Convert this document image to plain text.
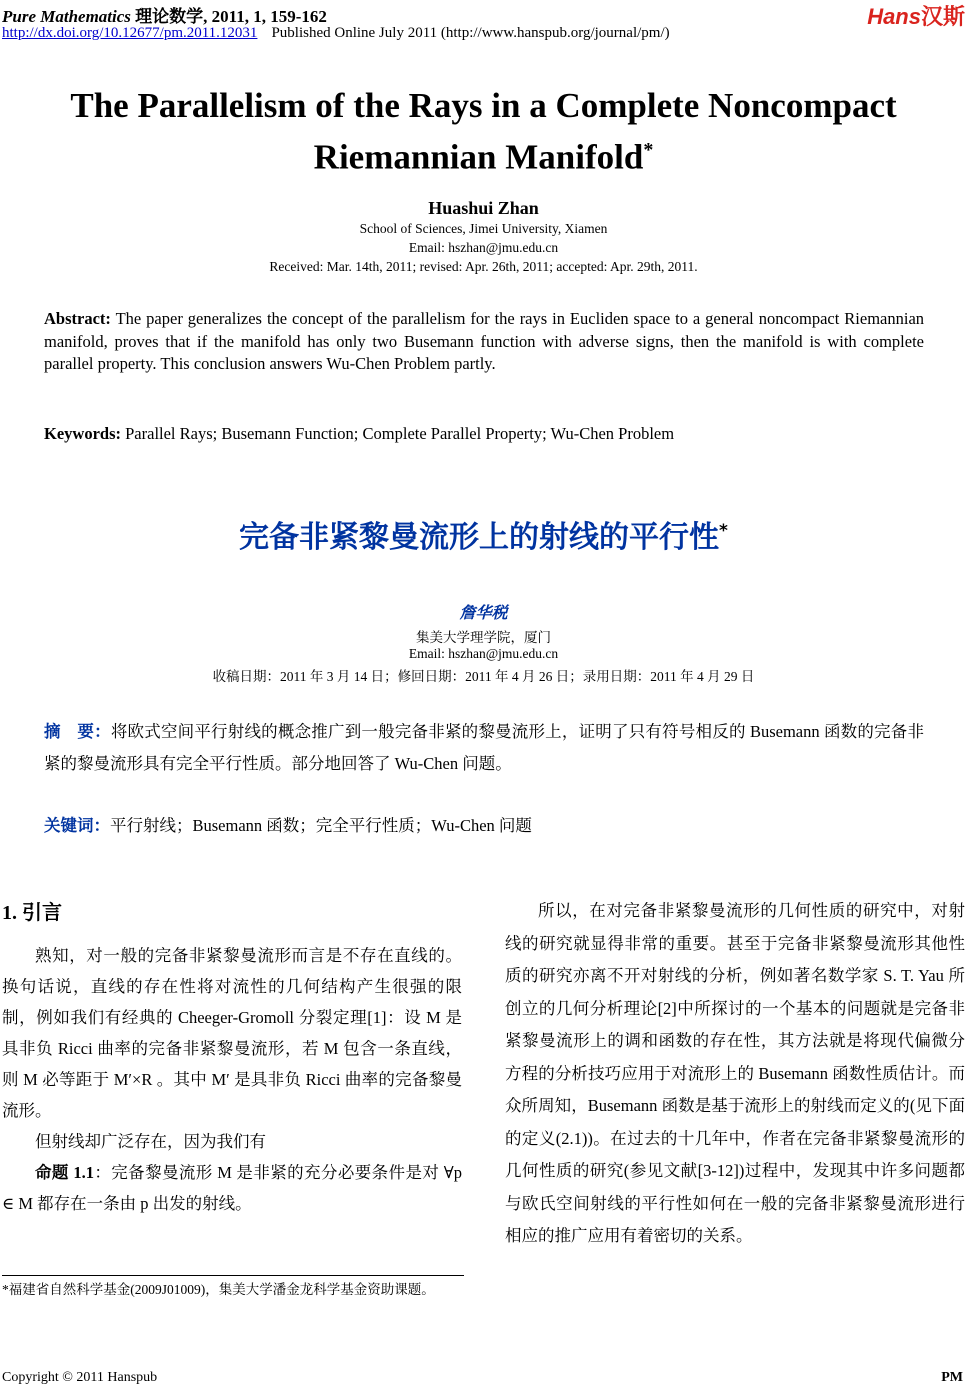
Pure Mathematics 理论数学, 2011, 1, 159-162
http://dx.doi.org/10.12677/pm.2011.12031 Published Online July 2011 (http://www.hanspub.org/journal/pm/)
Hans汉斯
The Parallelism of the Rays in a Complete Noncompact Riemannian Manifold*
Huashui Zhan
School of Sciences, Jimei University, Xiamen
Email: hszhan@jmu.edu.cn
Received: Mar. 14th, 2011; revised: Apr. 26th, 2011; accepted: Apr. 29th, 2011.
Abstract: The paper generalizes the concept of the parallelism for the rays in Eucliden space to a general noncompact Riemannian manifold, proves that if the manifold has only two Busemann function with adverse signs, then the manifold is with complete parallel property. This conclusion answers Wu-Chen Problem partly.
Keywords: Parallel Rays; Busemann Function; Complete Parallel Property; Wu-Chen Problem
完备非紧黎曼流形上的射线的平行性*
詹华税
集美大学理学院，厦门
Email: hszhan@jmu.edu.cn
收稿日期：2011 年 3 月 14 日；修回日期：2011 年 4 月 26 日；录用日期：2011 年 4 月 29 日
摘　要：将欧式空间平行射线的概念推广到一般完备非紧的黎曼流形上，证明了只有符号相反的 Busemann 函数的完备非紧的黎曼流形具有完全平行性质。部分地回答了 Wu-Chen 问题。
关键词：平行射线；Busemann 函数；完全平行性质；Wu-Chen 问题
1. 引言

熟知，对一般的完备非紧黎曼流形而言是不存在直线的。换句话说，直线的存在性将对流性的几何结构产生很强的限制，例如我们有经典的 Cheeger-Gromoll 分裂定理[1]：设 M 是具非负 Ricci 曲率的完备非紧黎曼流形，若 M 包含一条直线，则 M 必等距于 M′×R 。其中 M′ 是具非负 Ricci 曲率的完备黎曼流形。

但射线却广泛存在，因为我们有

命题 1.1：完备黎曼流形 M 是非紧的充分必要条件是对 ∀p ∈ M 都存在一条由 p 出发的射线。

*福建省自然科学基金(2009J01009)，集美大学潘金龙科学基金资助课题。

所以，在对完备非紧黎曼流形的几何性质的研究中，对射线的研究就显得非常的重要。甚至于完备非紧黎曼流形其他性质的研究亦离不开对射线的分析，例如著名数学家 S. T. Yau 所创立的几何分析理论[2]中所探讨的一个基本的问题就是完备非紧黎曼流形上的调和函数的存在性，其方法就是将现代偏微分方程的分析技巧应用于对流形上的 Busemann 函数性质估计。而众所周知，Busemann 函数是基于流形上的射线而定义的(见下面的定义(2.1))。在过去的十几年中，作者在完备非紧黎曼流形的几何性质的研究(参见文献[3-12])过程中，发现其中许多问题都与欧氏空间射线的平行性如何在一般的完备非紧黎曼流形进行相应的推广应用有着密切的关系。

Copyright © 2011 Hanspub	PM
